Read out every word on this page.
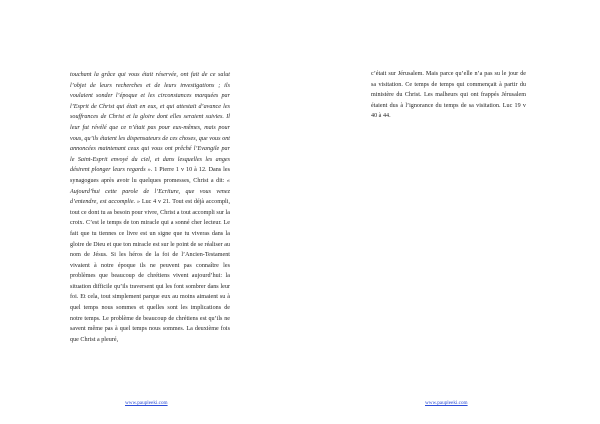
touchant la grâce qui vous était réservée, ont fait de ce salut l’objet de leurs recherches et de leurs investigations ; ils voulaient sonder l’époque et les circonstances marquées par l’Esprit de Christ qui était en eux, et qui attestait d’avance les souffrances de Christ et la gloire dont elles seraient suivies. Il leur fut révélé que ce n’était pas pour eux-mêmes, mais pour vous, qu’ils étaient les dispensateurs de ces choses, que vous ont annoncées maintenant ceux qui vous ont prêché l’Evangile par le Saint-Esprit envoyé du ciel, et dans lesquelles les anges désirent plonger leurs regards ». 1 Pierre 1 v 10 à 12. Dans les synagogues après avoir lu quelques promesses, Christ a dit: « Aujourd’hui cette parole de l’Ecriture, que vous venez d’entendre, est accomplie. » Luc 4 v 21. Tout est déjà accompli, tout ce dont tu as besoin pour vivre, Christ a tout accompli sur la croix. C’est le temps de ton miracle qui a sonné cher lecteur. Le fait que tu tiennes ce livre est un signe que tu viveras dans la gloire de Dieu et que ton miracle est sur le point de se réaliser au nom de Jésus. Si les héros de la foi de l’Ancien-Testament vivaient à notre époque ils ne peuvent pas connaître les problèmes que beaucoup de chrétiens vivent aujourd’hui: la situation difficile qu’ils traversent qui les font sombrer dans leur foi. Et cela, tout simplement parque eux au moins aimaient su à quel temps nous sommes et quelles sont les implications de notre temps. Le problème de beaucoup de chrétiens est qu’ils ne savent même pas à quel temps nous sommes. La deuxième fois que Christ a pleuré,

www.paupleeki.com

c’était sur Jérusalem. Mais parce qu’elle n’a pas su le jour de sa visitation. Ce temps de temps qui commençait à partir du ministère du Christ. Les malheurs qui ont frappés Jérusalem étaient dus à l’ignorance du temps de sa visitation. Luc 19 v 40 à 44.

www.paupleeki.com
